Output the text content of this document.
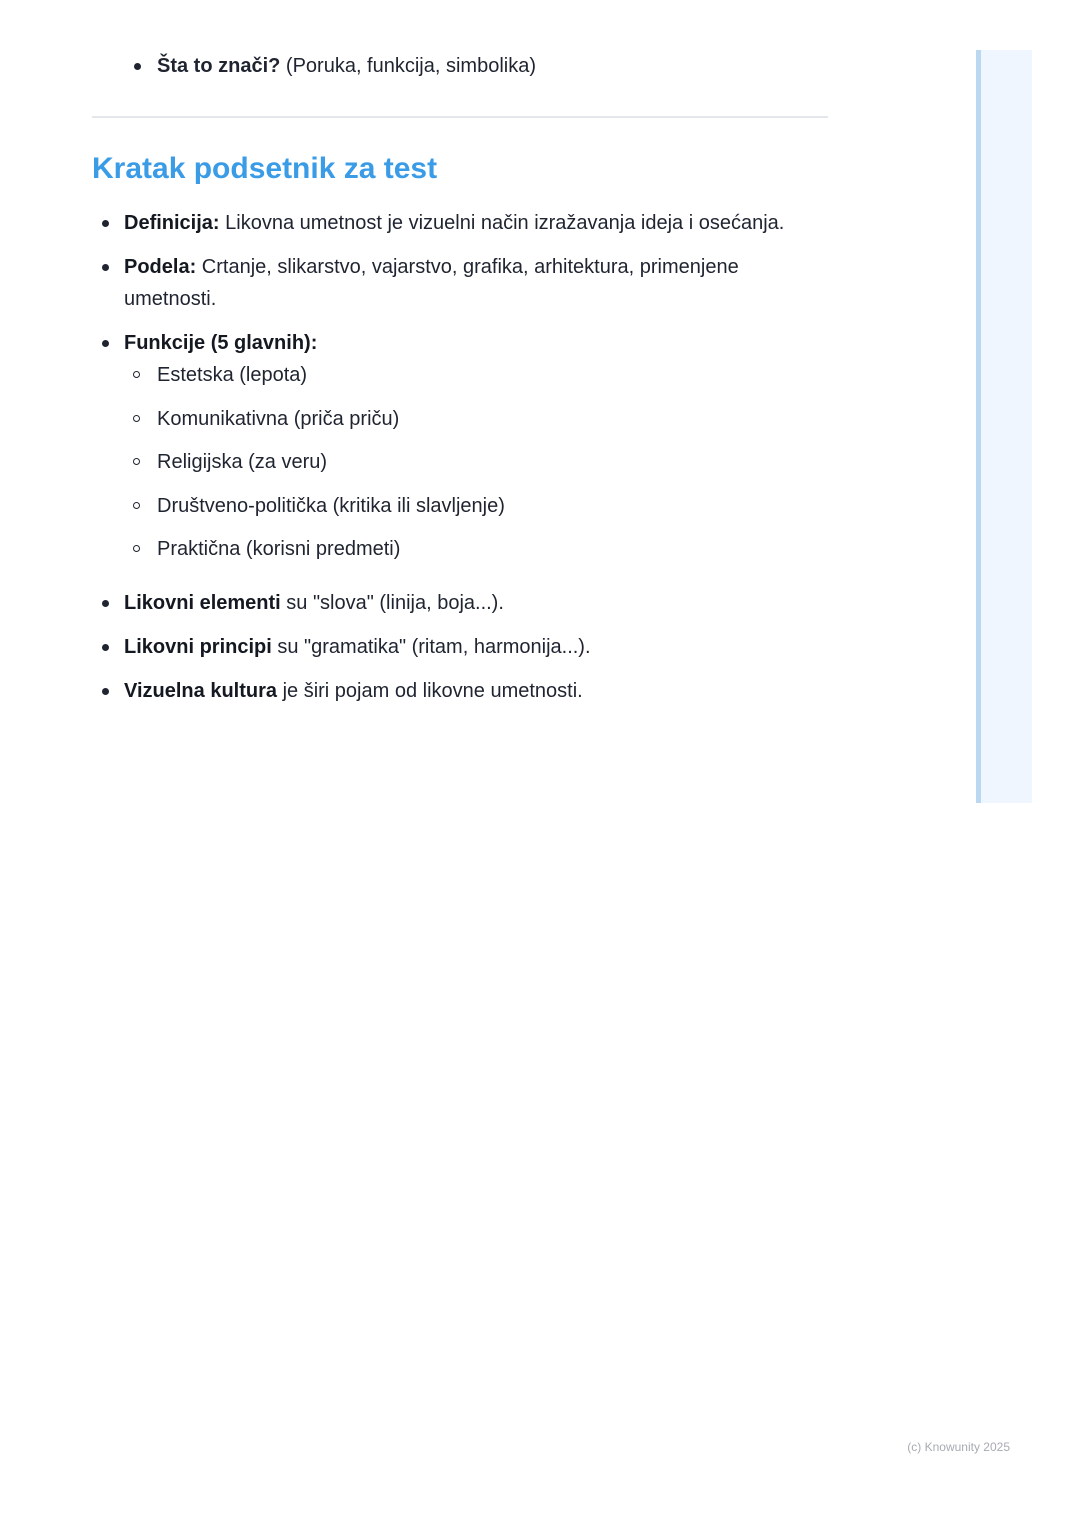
Šta to znači? (Poruka, funkcija, simbolika)
Kratak podsetnik za test
Definicija: Likovna umetnost je vizuelni način izražavanja ideja i osećanja.
Podela: Crtanje, slikarstvo, vajarstvo, grafika, arhitektura, primenjene umetnosti.
Funkcije (5 glavnih):
Estetska (lepota)
Komunikativna (priča priču)
Religijska (za veru)
Društveno-politička (kritika ili slavljenje)
Praktična (korisni predmeti)
Likovni elementi su "slova" (linija, boja...).
Likovni principi su "gramatika" (ritam, harmonija...).
Vizuelna kultura je širi pojam od likovne umetnosti.
(c) Knowunity 2025
